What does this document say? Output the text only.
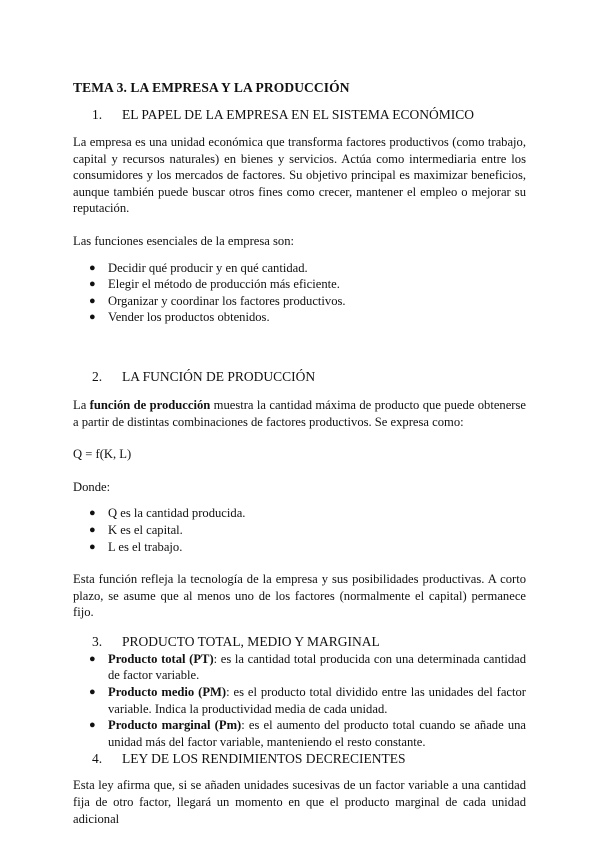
TEMA 3. LA EMPRESA Y LA PRODUCCIÓN

1.	EL PAPEL DE LA EMPRESA EN EL SISTEMA ECONÓMICO

La empresa es una unidad económica que transforma factores productivos (como trabajo, capital y recursos naturales) en bienes y servicios. Actúa como intermediaria entre los consumidores y los mercados de factores. Su objetivo principal es maximizar beneficios, aunque también puede buscar otros fines como crecer, mantener el empleo o mejorar su reputación.

Las funciones esenciales de la empresa son:

● Decidir qué producir y en qué cantidad.
● Elegir el método de producción más eficiente.
● Organizar y coordinar los factores productivos.
● Vender los productos obtenidos.
2.	LA FUNCIÓN DE PRODUCCIÓN

La función de producción muestra la cantidad máxima de producto que puede obtenerse a partir de distintas combinaciones de factores productivos. Se expresa como:

Q = f(K, L)

Donde:

● Q es la cantidad producida.
● K es el capital.
● L es el trabajo.

Esta función refleja la tecnología de la empresa y sus posibilidades productivas. A corto plazo, se asume que al menos uno de los factores (normalmente el capital) permanece fijo.

3.	PRODUCTO TOTAL, MEDIO Y MARGINAL
● Producto total (PT): es la cantidad total producida con una determinada cantidad de factor variable.
● Producto medio (PM): es el producto total dividido entre las unidades del factor variable. Indica la productividad media de cada unidad.
● Producto marginal (Pm): es el aumento del producto total cuando se añade una unidad más del factor variable, manteniendo el resto constante.
4.	LEY DE LOS RENDIMIENTOS DECRECIENTES

Esta ley afirma que, si se añaden unidades sucesivas de un factor variable a una cantidad fija de otro factor, llegará un momento en que el producto marginal de cada unidad adicional
